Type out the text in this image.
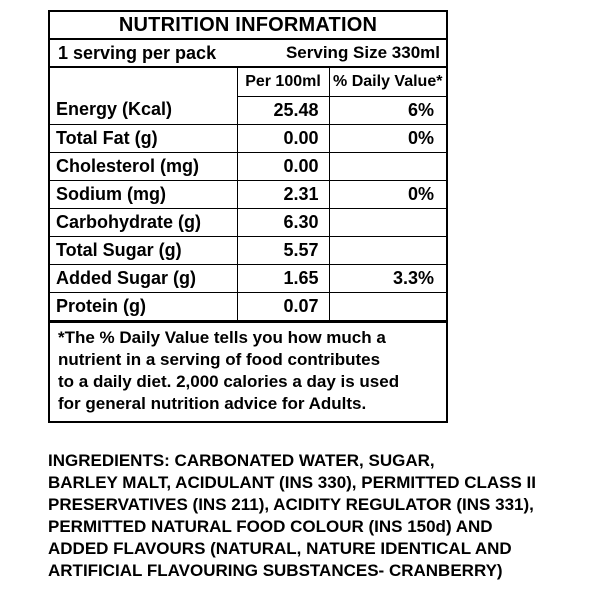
NUTRITION INFORMATION
1 serving per pack	Serving Size 330ml
	Per 100ml	% Daily Value*
Energy (Kcal)	25.48	6%
Total Fat (g)	0.00	0%
Cholesterol (mg)	0.00	
Sodium (mg)	2.31	0%
Carbohydrate (g)	6.30	
Total Sugar (g)	5.57	
Added Sugar (g)	1.65	3.3%
Protein (g)	0.07	
*The % Daily Value tells you how much a
nutrient in a serving of food contributes
to a daily diet. 2,000 calories a day is used
for general nutrition advice for Adults.
INGREDIENTS: CARBONATED WATER, SUGAR,
BARLEY MALT, ACIDULANT (INS 330), PERMITTED CLASS II
PRESERVATIVES (INS 211), ACIDITY REGULATOR (INS 331),
PERMITTED NATURAL FOOD COLOUR (INS 150d) AND
ADDED FLAVOURS (NATURAL, NATURE IDENTICAL AND
ARTIFICIAL FLAVOURING SUBSTANCES- CRANBERRY)
